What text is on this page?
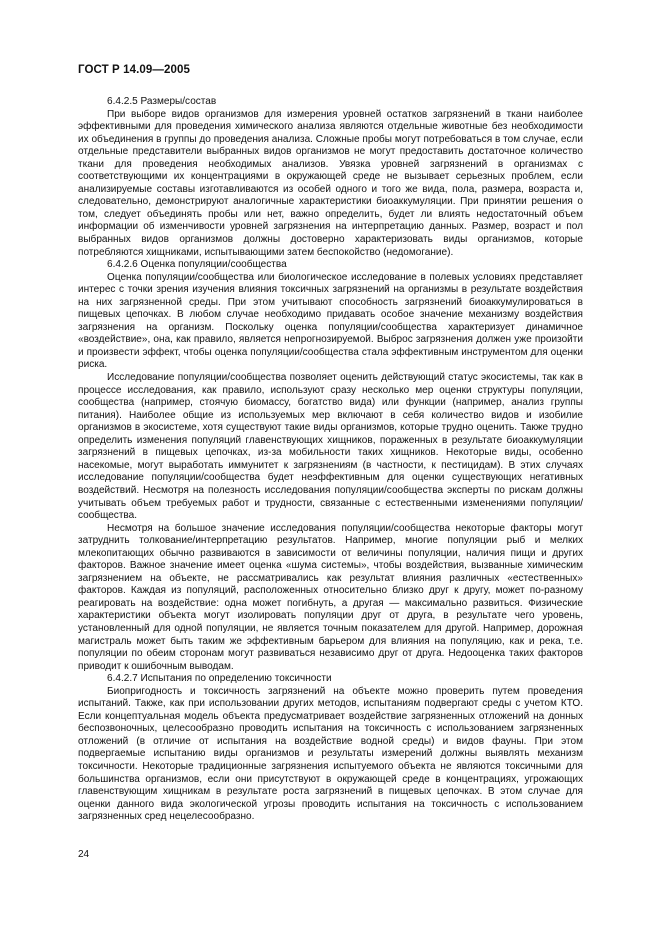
ГОСТ Р 14.09—2005

6.4.2.5 Размеры/состав

При выборе видов организмов для измерения уровней остатков загрязнений в ткани наиболее эффективными для проведения химического анализа являются отдельные животные без необходимости их объединения в группы до проведения анализа. Сложные пробы могут потребоваться в том случае, если отдельные представители выбранных видов организмов не могут предоставить достаточное количество ткани для проведения необходимых анализов. Увязка уровней загрязнений в организмах с соответствующими их концентрациями в окружающей среде не вызывает серьезных проблем, если анализируемые составы изготавливаются из особей одного и того же вида, пола, размера, возраста и, следовательно, демонстрируют аналогичные характеристики биоаккумуляции. При принятии решения о том, следует объединять пробы или нет, важно определить, будет ли влиять недостаточный объем информации об изменчивости уровней загрязнения на интерпретацию данных. Размер, возраст и пол выбранных видов организмов должны достоверно характеризовать виды организмов, которые потребляются хищниками, испытывающими затем беспокойство (недомогание).

6.4.2.6 Оценка популяции/сообщества

Оценка популяции/сообщества или биологическое исследование в полевых условиях представляет интерес с точки зрения изучения влияния токсичных загрязнений на организмы в результате воздействия на них загрязненной среды. При этом учитывают способность загрязнений биоаккумулироваться в пищевых цепочках. В любом случае необходимо придавать особое значение механизму воздействия загрязнения на организм. Поскольку оценка популяции/сообщества характеризует динамичное «воздействие», она, как правило, является непрогнозируемой. Выброс загрязнения должен уже произойти и произвести эффект, чтобы оценка популяции/сообщества стала эффективным инструментом для оценки риска.

Исследование популяции/сообщества позволяет оценить действующий статус экосистемы, так как в процессе исследования, как правило, используют сразу несколько мер оценки структуры популяции, сообщества (например, стоячую биомассу, богатство вида) или функции (например, анализ группы питания). Наиболее общие из используемых мер включают в себя количество видов и изобилие организмов в экосистеме, хотя существуют такие виды организмов, которые трудно оценить. Также трудно определить изменения популяций главенствующих хищников, пораженных в результате биоаккумуляции загрязнений в пищевых цепочках, из-за мобильности таких хищников. Некоторые виды, особенно насекомые, могут выработать иммунитет к загрязнениям (в частности, к пестицидам). В этих случаях исследование популяции/сообщества будет неэффективным для оценки существующих негативных воздействий. Несмотря на полезность исследования популяции/сообщества эксперты по рискам должны учитывать объем требуемых работ и трудности, связанные с естественными изменениями популяции/сообщества.

Несмотря на большое значение исследования популяции/сообщества некоторые факторы могут затруднить толкование/интерпретацию результатов. Например, многие популяции рыб и мелких млекопитающих обычно развиваются в зависимости от величины популяции, наличия пищи и других факторов. Важное значение имеет оценка «шума системы», чтобы воздействия, вызванные химическим загрязнением на объекте, не рассматривались как результат влияния различных «естественных» факторов. Каждая из популяций, расположенных относительно близко друг к другу, может по-разному реагировать на воздействие: одна может погибнуть, а другая — максимально развиться. Физические характеристики объекта могут изолировать популяции друг от друга, в результате чего уровень, установленный для одной популяции, не является точным показателем для другой. Например, дорожная магистраль может быть таким же эффективным барьером для влияния на популяцию, как и река, т.е. популяции по обеим сторонам могут развиваться независимо друг от друга. Недооценка таких факторов приводит к ошибочным выводам.

6.4.2.7 Испытания по определению токсичности

Биопригодность и токсичность загрязнений на объекте можно проверить путем проведения испытаний. Также, как при использовании других методов, испытаниям подвергают среды с учетом КТО. Если концептуальная модель объекта предусматривает воздействие загрязненных отложений на донных беспозвоночных, целесообразно проводить испытания на токсичность с использованием загрязненных отложений (в отличие от испытания на воздействие водной среды) и видов фауны. При этом подвергаемые испытанию виды организмов и результаты измерений должны выявлять механизм токсичности. Некоторые традиционные загрязнения испытуемого объекта не являются токсичными для большинства организмов, если они присутствуют в окружающей среде в концентрациях, угрожающих главенствующим хищникам в результате роста загрязнений в пищевых цепочках. В этом случае для оценки данного вида экологической угрозы проводить испытания на токсичность с использованием загрязненных сред нецелесообразно.

24
